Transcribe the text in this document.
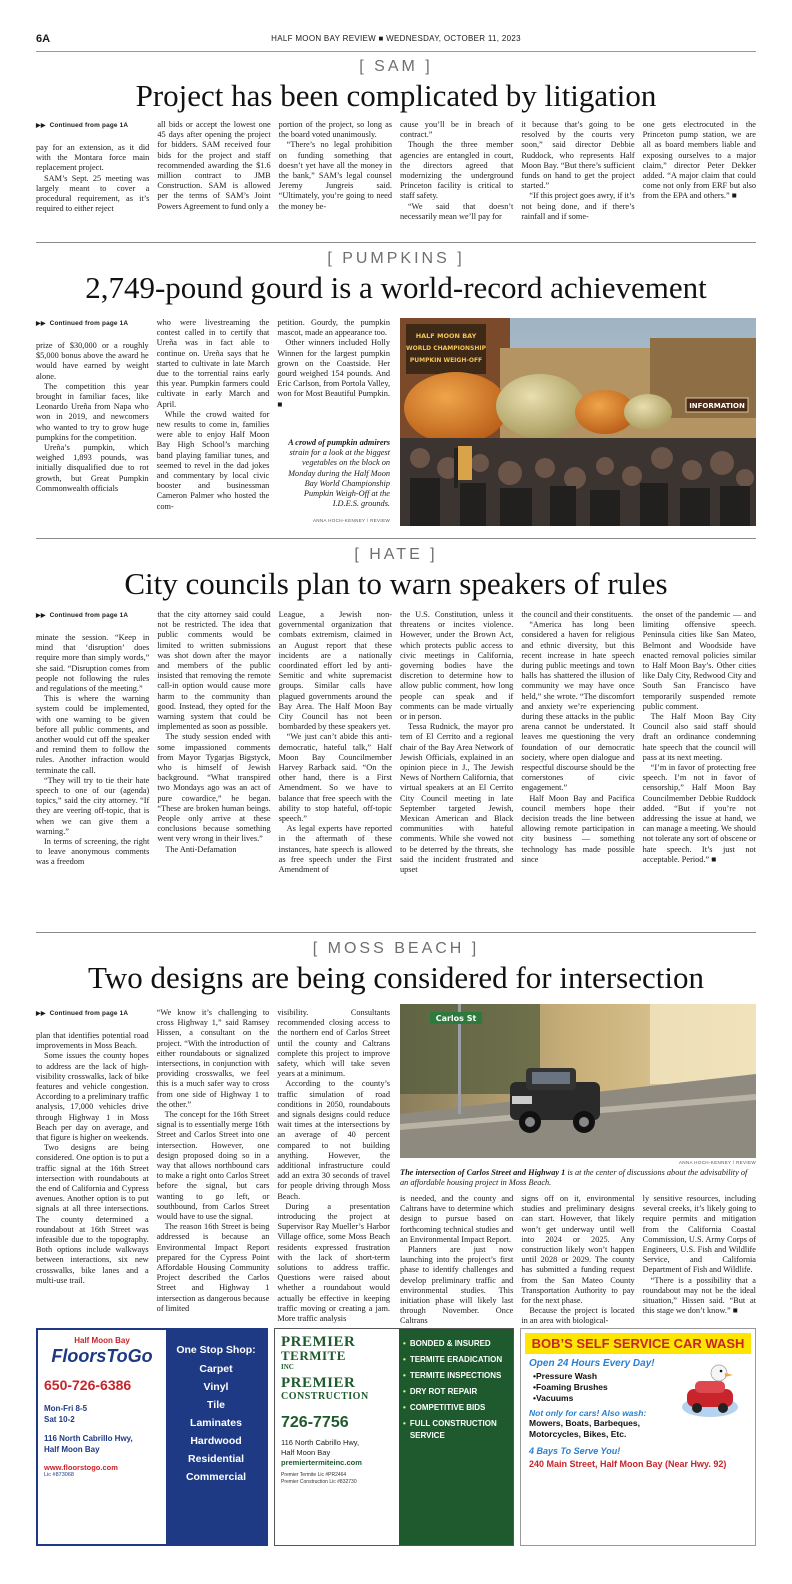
6A	HALF MOON BAY REVIEW ■ WEDNESDAY, OCTOBER 11, 2023
[ SAM ]
Project has been complicated by litigation
▶▶ Continued from page 1A

pay for an extension, as it did with the Montara force main replacement project.

SAM’s Sept. 25 meeting was largely meant to cover a procedural requirement, as it’s required to either reject

all bids or accept the lowest one 45 days after opening the project for bidders. SAM received four bids for the project and staff recommended awarding the $1.6 million contract to JMB Construction. SAM is allowed per the terms of SAM’s Joint Powers Agreement to fund only a

portion of the project, so long as the board voted unanimously.

“There’s no legal prohibition on funding something that doesn’t yet have all the money in the bank,” SAM’s legal counsel Jeremy Jungreis said. “Ultimately, you’re going to need the money be-

cause you’ll be in breach of contract.”

Though the three member agencies are entangled in court, the directors agreed that modernizing the underground Princeton facility is critical to staff safety.

“We said that doesn’t necessarily mean we’ll pay for

it because that’s going to be resolved by the courts very soon,” said director Debbie Ruddock, who represents Half Moon Bay. “But there’s sufficient funds on hand to get the project started.”

“If this project goes awry, if it’s not being done, and if there’s rainfall and if some-

one gets electrocuted in the Princeton pump station, we are all as board members liable and exposing ourselves to a major claim,” director Peter Dekker added. “A major claim that could come not only from ERF but also from the EPA and others.” ■

[ PUMPKINS ]
2,749-pound gourd is a world-record achievement
▶▶ Continued from page 1A

prize of $30,000 or a roughly $5,000 bonus above the award he would have earned by weight alone.

The competition this year brought in familiar faces, like Leonardo Ureña from Napa who won in 2019, and newcomers who wanted to try to grow huge pumpkins for the competition.

Ureña’s pumpkin, which weighed 1,893 pounds, was initially disqualified due to rot growth, but Great Pumpkin Commonwealth officials

who were livestreaming the contest called in to certify that Ureña was in fact able to continue on. Ureña says that he started to cultivate in late March due to the torrential rains early this year. Pumpkin farmers could cultivate in early March and April.

While the crowd waited for new results to come in, families were able to enjoy Half Moon Bay High School’s marching band playing familiar tunes, and seemed to revel in the dad jokes and commentary by local civic booster and businessman Cameron Palmer who hosted the com-

petition. Gourdy, the pumpkin mascot, made an appearance too.

Other winners included Holly Winnen for the largest pumpkin grown on the Coastside. Her gourd weighed 154 pounds. And Eric Carlson, from Portola Valley, won for Most Beautiful Pumpkin. ■

A crowd of pumpkin admirers strain for a look at the biggest vegetables on the block on Monday during the Half Moon Bay World Championship Pumpkin Weigh-Off at the I.D.E.S. grounds.
ANNA HOCH-KENNEY / REVIEW
HALF MOON BAY
WORLD CHAMPIONSHIP
PUMPKIN WEIGH-OFF
INFORMATION
[ HATE ]
City councils plan to warn speakers of rules
▶▶ Continued from page 1A

minate the session. “Keep in mind that ‘disruption’ does require more than simply words,” she said. “Disruption comes from people not following the rules and regulations of the meeting.”

This is where the warning system could be implemented, with one warning to be given before all public comments, and another would cut off the speaker and remind them to follow the rules. Another infraction would terminate the call.

“They will try to tie their hate speech to one of our (agenda) topics,” said the city attorney. “If they are veering off-topic, that is when we can give them a warning.”

In terms of screening, the right to leave anonymous comments was a freedom

that the city attorney said could not be restricted. The idea that public comments would be limited to written submissions was shot down after the mayor and members of the public insisted that removing the remote call-in option would cause more harm to the community than good. Instead, they opted for the warning system that could be implemented as soon as possible.

The study session ended with some impassioned comments from Mayor Tygarjas Bigstyck, who is himself of Jewish background. “What transpired two Mondays ago was an act of pure cowardice,” he began. “These are broken human beings. People only arrive at these conclusions because something went very wrong in their lives.”

The Anti-Defamation

League, a Jewish non-governmental organization that combats extremism, claimed in an August report that these incidents are a nationally coordinated effort led by anti-Semitic and white supremacist groups. Similar calls have plagued governments around the Bay Area. The Half Moon Bay City Council has not been bombarded by these speakers yet.

“We just can’t abide this anti-democratic, hateful talk,” Half Moon Bay Councilmember Harvey Rarback said. “On the other hand, there is a First Amendment. So we have to balance that free speech with the ability to stop hateful, off-topic speech.”

As legal experts have reported in the aftermath of these instances, hate speech is allowed as free speech under the First Amendment of

the U.S. Constitution, unless it threatens or incites violence. However, under the Brown Act, which protects public access to civic meetings in California, governing bodies have the discretion to determine how to allow public comment, how long people can speak and if comments can be made virtually or in person.

Tessa Rudnick, the mayor pro tem of El Cerrito and a regional chair of the Bay Area Network of Jewish Officials, explained in an opinion piece in J., The Jewish News of Northern California, that virtual speakers at an El Cerrito City Council meeting in late September targeted Jewish, Mexican American and Black communities with hateful comments. While she vowed not to be deterred by the threats, she said the incident frustrated and upset

the council and their constituents.

“America has long been considered a haven for religious and ethnic diversity, but this recent increase in hate speech during public meetings and town halls has shattered the illusion of community we may have once held,” she wrote. “The discomfort and anxiety we’re experiencing during these attacks in the public arena cannot be understated. It leaves me questioning the very foundation of our democratic society, where open dialogue and respectful discourse should be the cornerstones of civic engagement.”

Half Moon Bay and Pacifica council members hope their decision treads the line between allowing remote participation in city business — something technology has made possible since

the onset of the pandemic — and limiting offensive speech. Peninsula cities like San Mateo, Belmont and Woodside have enacted removal policies similar to Half Moon Bay’s. Other cities like Daly City, Redwood City and South San Francisco have temporarily suspended remote public comment.

The Half Moon Bay City Council also said staff should draft an ordinance condemning hate speech that the council will pass at its next meeting.

“I’m in favor of protecting free speech. I’m not in favor of censorship,” Half Moon Bay Councilmember Debbie Ruddock added. “But if you’re not addressing the issue at hand, we can manage a meeting. We should not tolerate any sort of obscene or hate speech. It’s just not acceptable. Period.” ■

[ MOSS BEACH ]
Two designs are being considered for intersection
▶▶ Continued from page 1A

plan that identifies potential road improvements in Moss Beach.

Some issues the county hopes to address are the lack of high-visibility crosswalks, lack of bike features and vehicle congestion. According to a preliminary traffic analysis, 17,000 vehicles drive through Highway 1 in Moss Beach per day on average, and that figure is higher on weekends.

Two designs are being considered. One option is to put a traffic signal at the 16th Street intersection with roundabouts at the end of California and Cypress avenues. Another option is to put signals at all three intersections. The county determined a roundabout at 16th Street was infeasible due to the topography. Both options include walkways between interactions, six new crosswalks, bike lanes and a multi-use trail.

“We know it’s challenging to cross Highway 1,” said Ramsey Hissen, a consultant on the project. “With the introduction of either roundabouts or signalized intersections, in conjunction with providing crosswalks, we feel this is a much safer way to cross from one side of Highway 1 to the other.”

The concept for the 16th Street signal is to essentially merge 16th Street and Carlos Street into one intersection. However, one design proposed doing so in a way that allows northbound cars to make a right onto Carlos Street before the signal, but cars wanting to go left, or southbound, from Carlos Street would have to use the signal.

The reason 16th Street is being addressed is because an Environmental Impact Report prepared for the Cypress Point Affordable Housing Community Project described the Carlos Street and Highway 1 intersection as dangerous because of limited

visibility. Consultants recommended closing access to the northern end of Carlos Street until the county and Caltrans complete this project to improve safety, which will take seven years at a minimum.

According to the county’s traffic simulation of road conditions in 2050, roundabouts and signals designs could reduce wait times at the intersections by an average of 40 percent compared to not building anything. However, the additional infrastructure could add an extra 30 seconds of travel for people driving through Moss Beach.

During a presentation introducing the project at Supervisor Ray Mueller’s Harbor Village office, some Moss Beach residents expressed frustration with the lack of short-term solutions to address traffic. Questions were raised about whether a roundabout would actually be effective in keeping traffic moving or creating a jam. More traffic analysis

Carlos St
ANNA HOCH-KENNEY / REVIEW
The intersection of Carlos Street and Highway 1 is at the center of discussions about the advisability of an affordable housing project in Moss Beach.

is needed, and the county and Caltrans have to determine which design to pursue based on forthcoming technical studies and an Environmental Impact Report.

Planners are just now launching into the project’s first phase to identify challenges and develop preliminary traffic and environmental studies. This initiation phase will likely last through November. Once Caltrans

signs off on it, environmental studies and preliminary designs can start. However, that likely won’t get underway until well into 2024 or 2025. Any construction likely won’t happen until 2028 or 2029. The county has submitted a funding request from the San Mateo County Transportation Authority to pay for the next phase.

Because the project is located in an area with biological-

ly sensitive resources, including several creeks, it’s likely going to require permits and mitigation from the California Coastal Commission, U.S. Army Corps of Engineers, U.S. Fish and Wildlife Service, and California Department of Fish and Wildlife.

“There is a possibility that a roundabout may not be the ideal situation,” Hissen said. “But at this stage we don’t know.” ■

Half Moon Bay
FloorsToGo
650-726-6386
Mon-Fri 8-5
Sat 10-2
116 North Cabrillo Hwy,
Half Moon Bay
www.floorstogo.com
Lic #873068
One Stop Shop:
Carpet
Vinyl
Tile
Laminates
Hardwood
Residential
Commercial
PREMIER
TERMITE
INC
PREMIER
CONSTRUCTION
726-7756
116 North Cabrillo Hwy,
Half Moon Bay
premiertermiteinc.com
Premier Termite Lic #PR2464
Premier Construction Lic #832730
• BONDED & INSURED
• TERMITE ERADICATION
• TERMITE INSPECTIONS
• DRY ROT REPAIR
• COMPETITIVE BIDS
• FULL CONSTRUCTION SERVICE
BOB’S SELF SERVICE CAR WASH
Open 24 Hours Every Day!
•Pressure Wash
•Foaming Brushes
•Vacuums
Not only for cars! Also wash:
Mowers, Boats, Barbeques,
Motorcycles, Bikes, Etc.
4 Bays To Serve You!
240 Main Street, Half Moon Bay (Near Hwy. 92)
